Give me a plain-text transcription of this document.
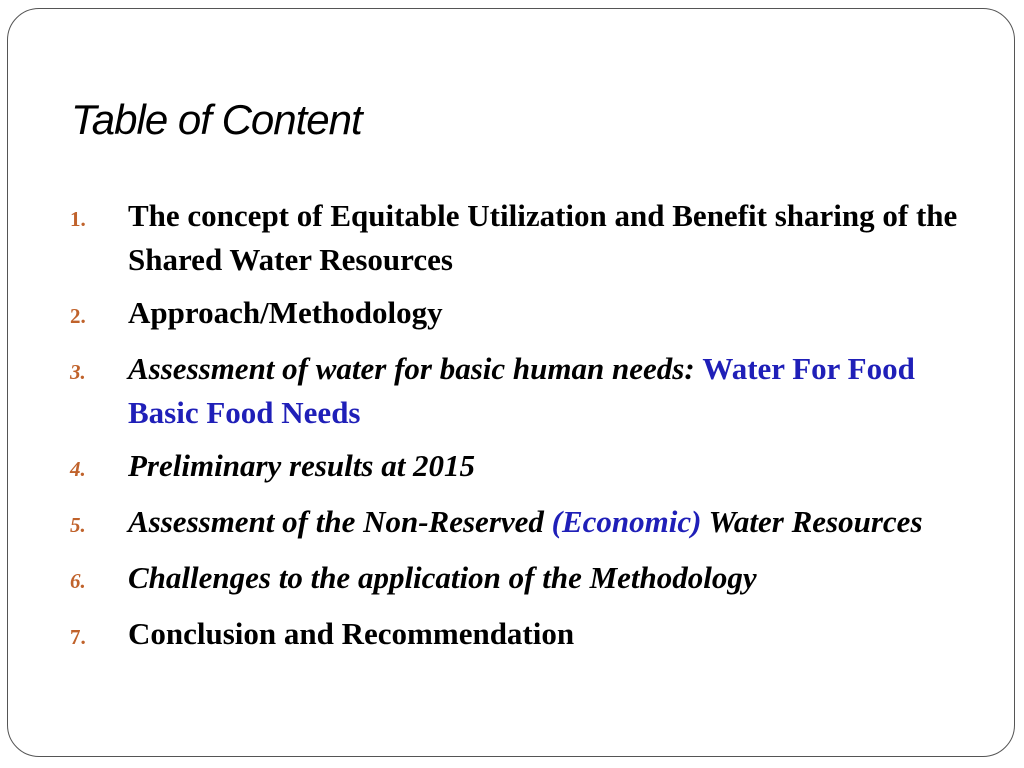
Table of Content
1.	The concept of Equitable Utilization and Benefit sharing of the Shared Water Resources
2.	Approach/Methodology
3.	Assessment of water for basic human needs: Water For Food Basic Food Needs
4.	Preliminary results at 2015
5.	Assessment of the Non-Reserved (Economic) Water Resources
6.	Challenges to the application of the Methodology
7.	Conclusion and Recommendation
